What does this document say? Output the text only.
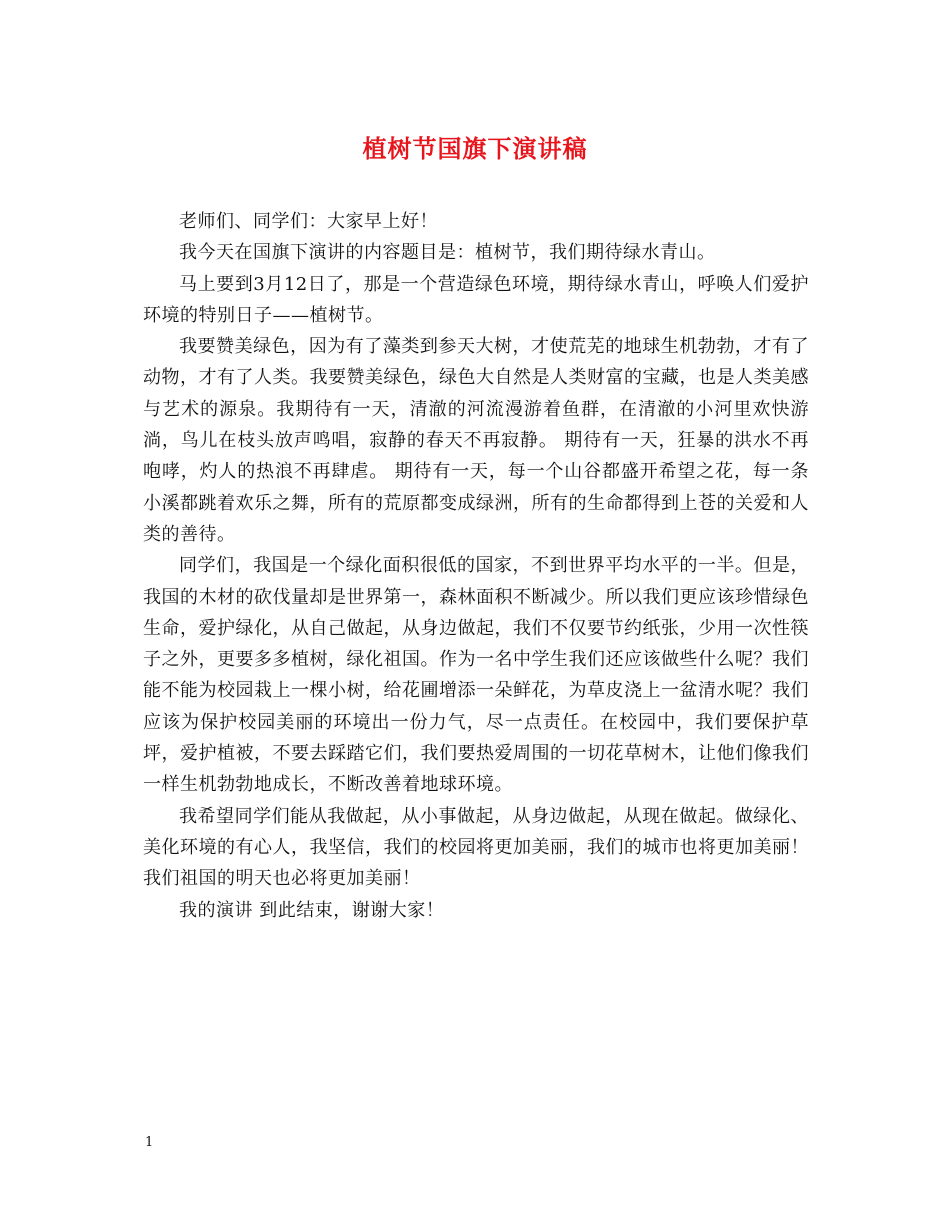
植树节国旗下演讲稿

老师们、同学们：大家早上好！

我今天在国旗下演讲的内容题目是：植树节，我们期待绿水青山。

马上要到3月12日了，那是一个营造绿色环境，期待绿水青山，呼唤人们爱护环境的特别日子——植树节。

我要赞美绿色，因为有了藻类到参天大树，才使荒芜的地球生机勃勃，才有了动物，才有了人类。我要赞美绿色，绿色大自然是人类财富的宝藏，也是人类美感与艺术的源泉。我期待有一天，清澈的河流漫游着鱼群，在清澈的小河里欢快游淌，鸟儿在枝头放声鸣唱，寂静的春天不再寂静。 期待有一天，狂暴的洪水不再咆哮，灼人的热浪不再肆虐。 期待有一天，每一个山谷都盛开希望之花，每一条小溪都跳着欢乐之舞，所有的荒原都变成绿洲，所有的生命都得到上苍的关爱和人类的善待。

同学们，我国是一个绿化面积很低的国家，不到世界平均水平的一半。但是，我国的木材的砍伐量却是世界第一，森林面积不断减少。所以我们更应该珍惜绿色生命，爱护绿化，从自己做起，从身边做起，我们不仅要节约纸张，少用一次性筷子之外，更要多多植树，绿化祖国。作为一名中学生我们还应该做些什么呢？我们能不能为校园栽上一棵小树，给花圃增添一朵鲜花，为草皮浇上一盆清水呢？我们应该为保护校园美丽的环境出一份力气，尽一点责任。在校园中，我们要保护草坪，爱护植被，不要去踩踏它们，我们要热爱周围的一切花草树木，让他们像我们一样生机勃勃地成长，不断改善着地球环境。

我希望同学们能从我做起，从小事做起，从身边做起，从现在做起。做绿化、美化环境的有心人，我坚信，我们的校园将更加美丽，我们的城市也将更加美丽！我们祖国的明天也必将更加美丽！

我的演讲 到此结束，谢谢大家！

1
